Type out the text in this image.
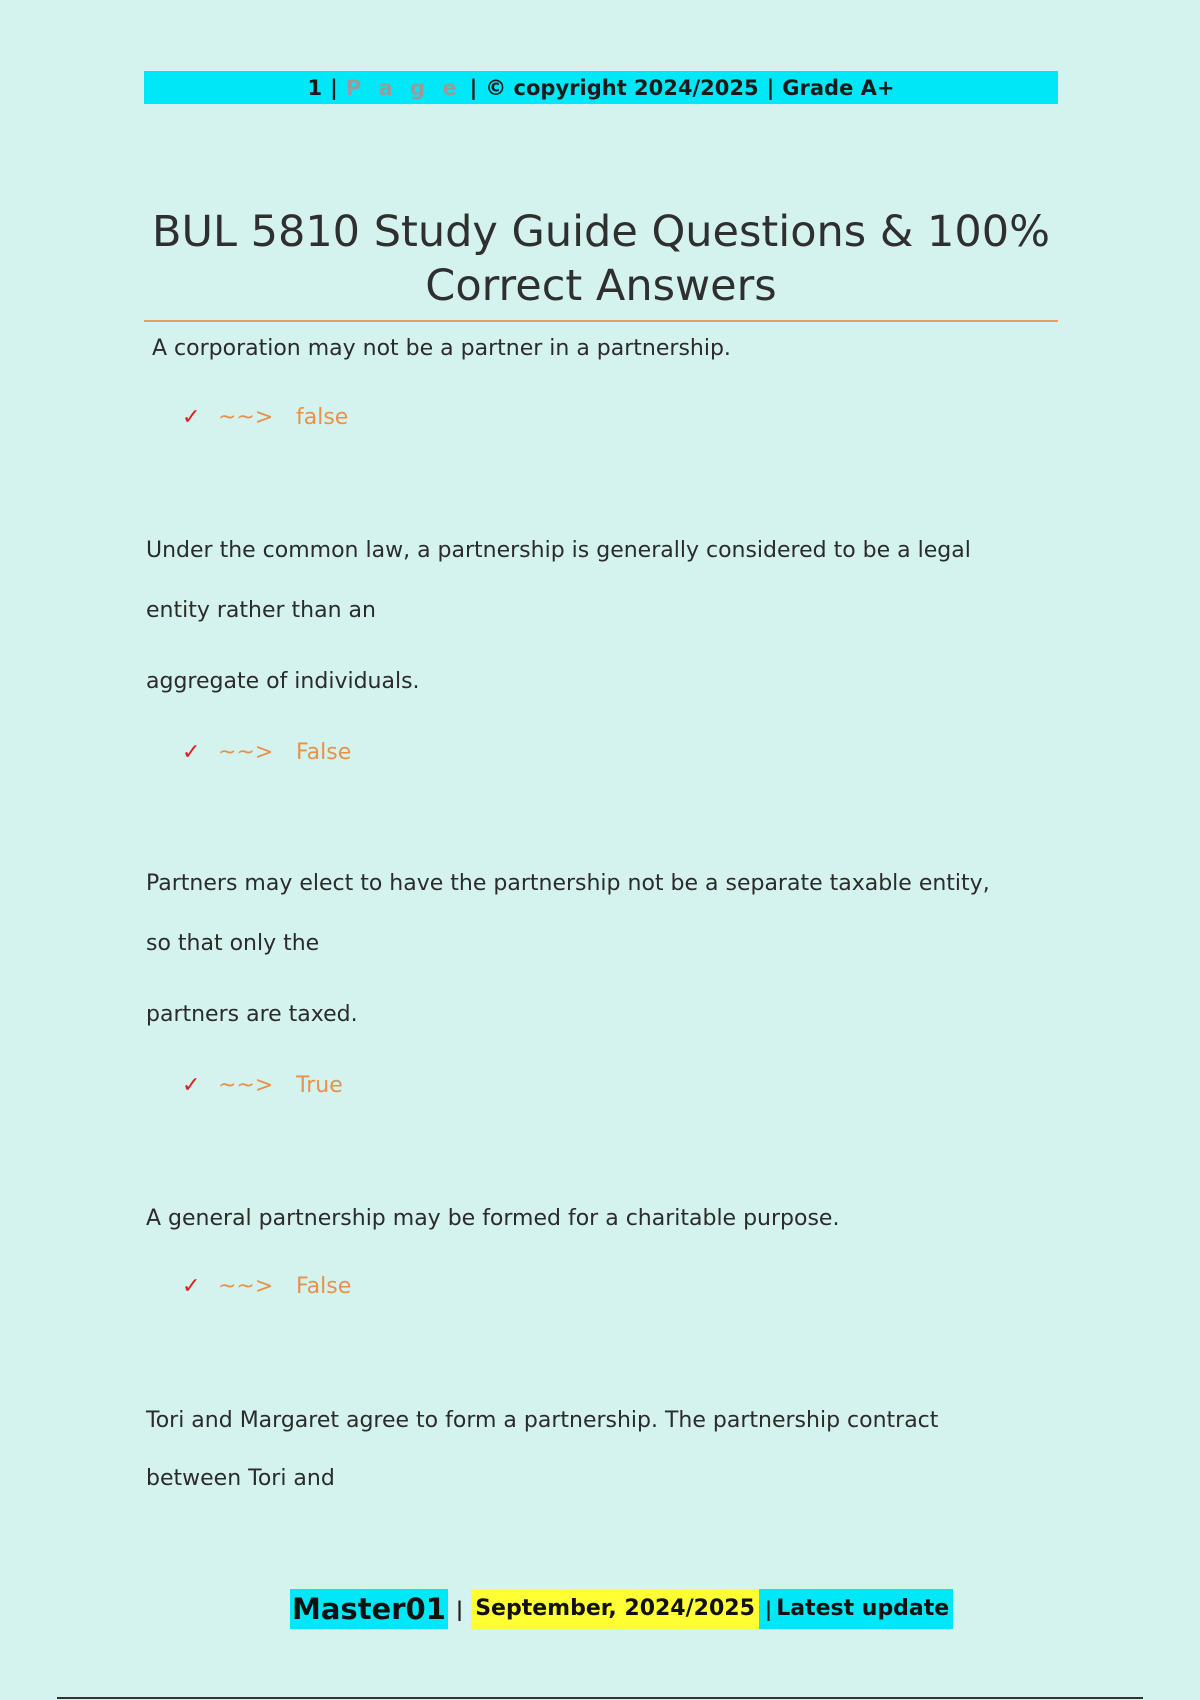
1 | P a g e | © copyright 2024/2025 | Grade A+
BUL 5810 Study Guide Questions & 100%
Correct Answers
A corporation may not be a partner in a partnership.
✓ ~~>	false
Under the common law, a partnership is generally considered to be a legal
entity rather than an
aggregate of individuals.
✓ ~~>	False
Partners may elect to have the partnership not be a separate taxable entity,
so that only the
partners are taxed.
✓ ~~>	True
A general partnership may be formed for a charitable purpose.
✓ ~~>	False
Tori and Margaret agree to form a partnership. The partnership contract
between Tori and
Master01 | September, 2024/2025 | Latest update
